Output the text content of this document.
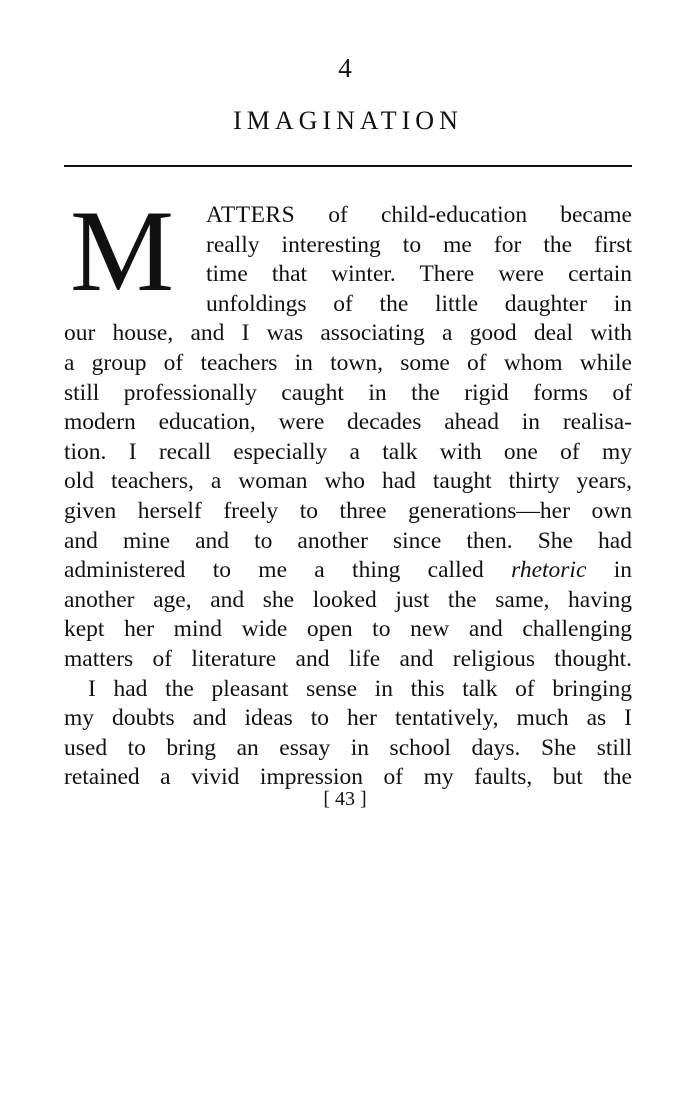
4
IMAGINATION
M	ATTERS of child-education became
really interesting to me for the first
time that winter. There were certain
unfoldings of the little daughter in
our house, and I was associating a good deal with
a group of teachers in town, some of whom while
still professionally caught in the rigid forms of
modern education, were decades ahead in realisa-
tion. I recall especially a talk with one of my
old teachers, a woman who had taught thirty years,
given herself freely to three generations—her own
and mine and to another since then. She had
administered to me a thing called rhetoric in
another age, and she looked just the same, having
kept her mind wide open to new and challenging
matters of literature and life and religious thought.
I had the pleasant sense in this talk of bringing
my doubts and ideas to her tentatively, much as I
used to bring an essay in school days. She still
retained a vivid impression of my faults, but the
[ 43 ]
